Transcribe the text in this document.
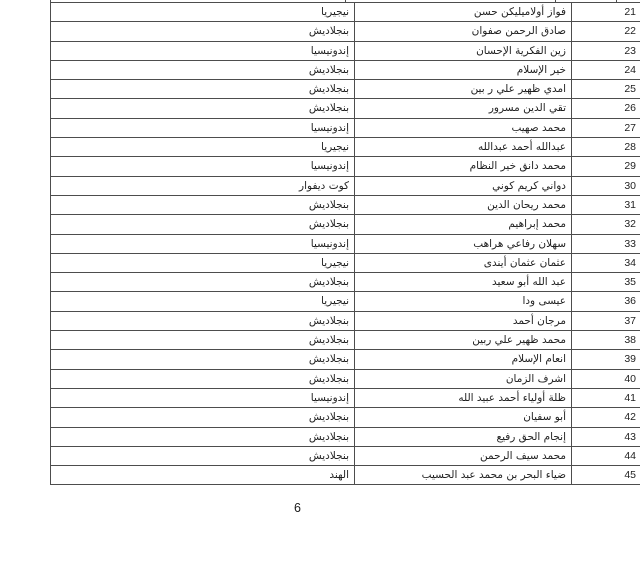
21	فواز أولاميليكن حسن	نيجيريا
22	صادق الرحمن صفوان	بنجلاديش
23	زين الفكرية الإحسان	إندونيسيا
24	خير الإسلام	بنجلاديش
25	امدي ظهير علي ر بين	بنجلاديش
26	تقي الدين مسرور	بنجلاديش
27	محمد صهيب	إندونيسيا
28	عبدالله أحمد عبدالله	نيجيريا
29	محمد دانق خير النظام	إندونيسيا
30	دواني كريم كوني	كوت ديفوار
31	محمد ريحان الدين	بنجلاديش
32	محمد إبراهيم	بنجلاديش
33	سهلان رفاعي هراهب	إندونيسيا
34	عثمان عثمان أيندى	نيجيريا
35	عبد الله أبو سعيد	بنجلاديش
36	عيسى ودا	نيجيريا
37	مرجان أحمد	بنجلاديش
38	محمد ظهير علي ربين	بنجلاديش
39	انعام الإسلام	بنجلاديش
40	اشرف الزمان	بنجلاديش
41	ظلة أولياء أحمد عبيد الله	إندونيسيا
42	أبو سفيان	بنجلاديش
43	إنجام الحق رفيع	بنجلاديش
44	محمد سيف الرحمن	بنجلاديش
45	ضياء البحر بن محمد عبد الحسيب	الهند
6
